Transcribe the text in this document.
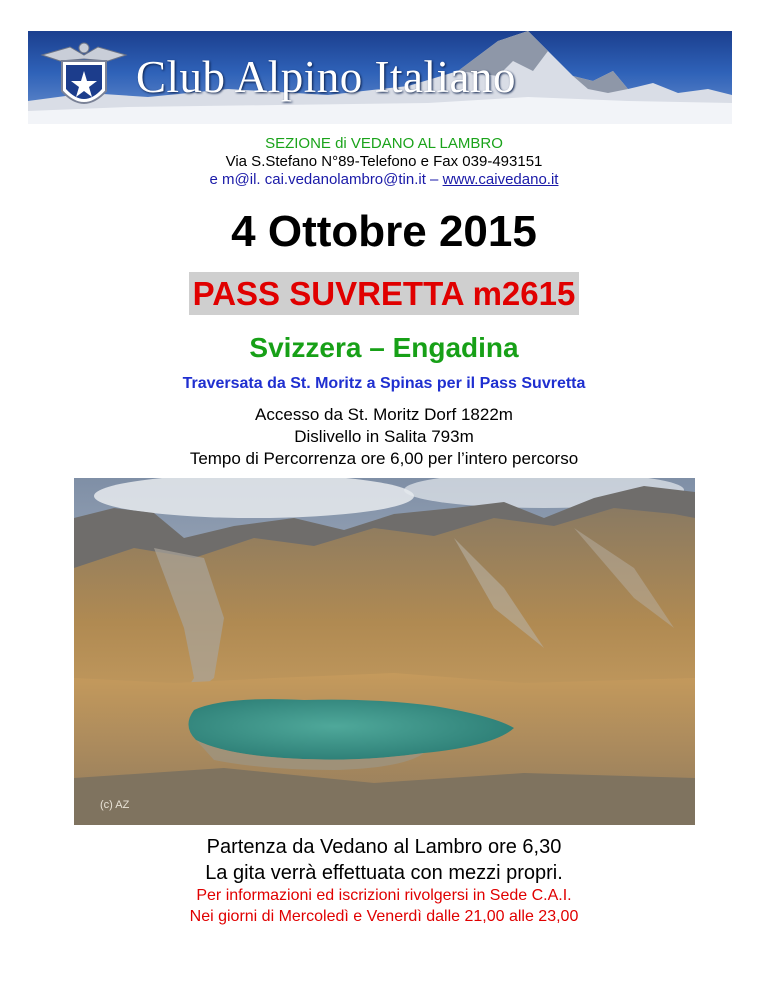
Club Alpino Italiano
SEZIONE di VEDANO AL LAMBRO
Via S.Stefano N°89-Telefono e Fax 039-493151
e m@il. cai.vedanolambro@tin.it – www.caivedano.it
4 Ottobre 2015
PASS SUVRETTA m2615
Svizzera – Engadina
Traversata da St. Moritz a Spinas per il Pass Suvretta
Accesso da St. Moritz Dorf 1822m
Dislivello in Salita 793m
Tempo di Percorrenza ore 6,00 per l’intero percorso
(c) AZ
Partenza da Vedano al Lambro ore 6,30
La gita verrà effettuata con mezzi propri.
Per informazioni ed iscrizioni rivolgersi in Sede C.A.I.
Nei giorni di Mercoledì e Venerdì dalle 21,00 alle 23,00
